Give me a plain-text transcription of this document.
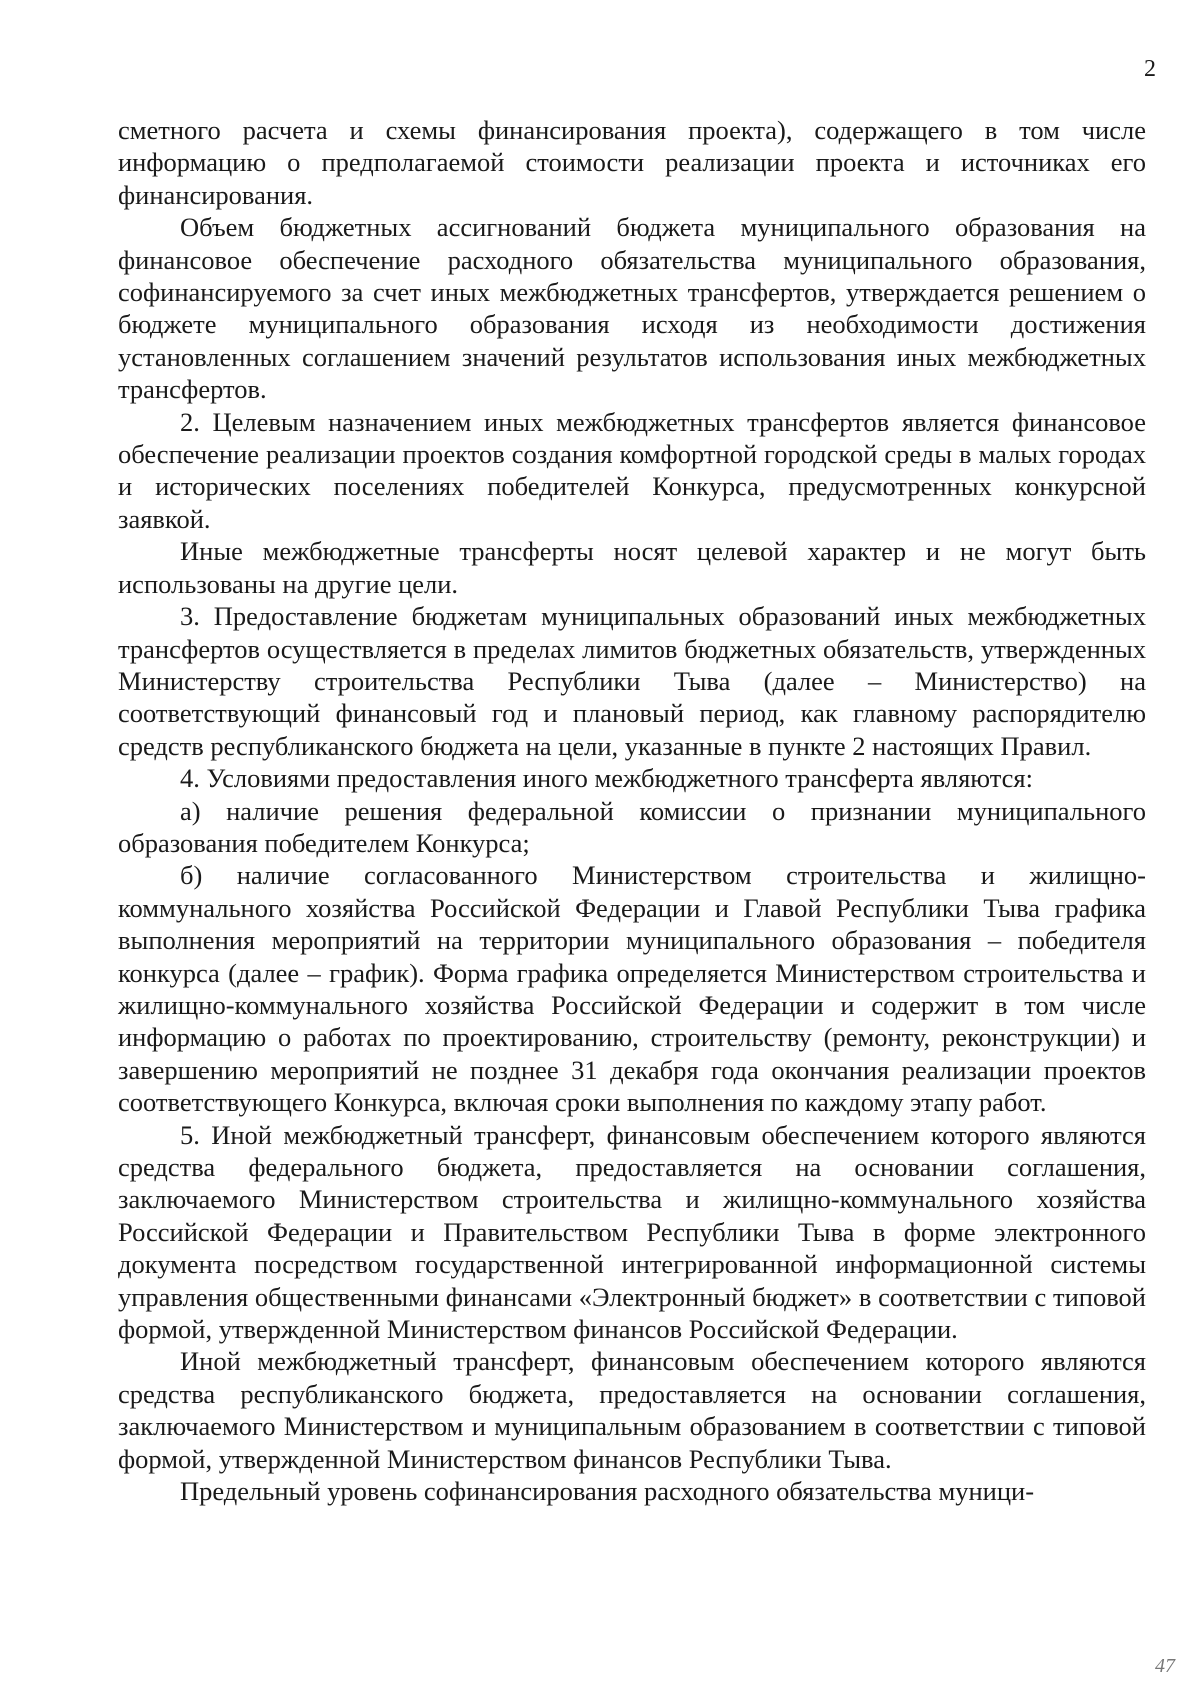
2

сметного расчета и схемы финансирования проекта), содержащего в том числе информацию о предполагаемой стоимости реализации проекта и источниках его финансирования.

Объем бюджетных ассигнований бюджета муниципального образования на финансовое обеспечение расходного обязательства муниципального образования, софинансируемого за счет иных межбюджетных трансфертов, утверждается решением о бюджете муниципального образования исходя из необходимости достижения установленных соглашением значений результатов использования иных межбюджетных трансфертов.

2. Целевым назначением иных межбюджетных трансфертов является финансовое обеспечение реализации проектов создания комфортной городской среды в малых городах и исторических поселениях победителей Конкурса, предусмотренных конкурсной заявкой.

Иные межбюджетные трансферты носят целевой характер и не могут быть использованы на другие цели.

3. Предоставление бюджетам муниципальных образований иных межбюджетных трансфертов осуществляется в пределах лимитов бюджетных обязательств, утвержденных Министерству строительства Республики Тыва (далее – Министерство) на соответствующий финансовый год и плановый период, как главному распорядителю средств республиканского бюджета на цели, указанные в пункте 2 настоящих Правил.

4. Условиями предоставления иного межбюджетного трансферта являются:

а) наличие решения федеральной комиссии о признании муниципального образования победителем Конкурса;

б) наличие согласованного Министерством строительства и жилищно-коммунального хозяйства Российской Федерации и Главой Республики Тыва графика выполнения мероприятий на территории муниципального образования – победителя конкурса (далее – график). Форма графика определяется Министерством строительства и жилищно-коммунального хозяйства Российской Федерации и содержит в том числе информацию о работах по проектированию, строительству (ремонту, реконструкции) и завершению мероприятий не позднее 31 декабря года окончания реализации проектов соответствующего Конкурса, включая сроки выполнения по каждому этапу работ.

5. Иной межбюджетный трансферт, финансовым обеспечением которого являются средства федерального бюджета, предоставляется на основании соглашения, заключаемого Министерством строительства и жилищно-коммунального хозяйства Российской Федерации и Правительством Республики Тыва в форме электронного документа посредством государственной интегрированной информационной системы управления общественными финансами «Электронный бюджет» в соответствии с типовой формой, утвержденной Министерством финансов Российской Федерации.

Иной межбюджетный трансферт, финансовым обеспечением которого являются средства республиканского бюджета, предоставляется на основании соглашения, заключаемого Министерством и муниципальным образованием в соответствии с типовой формой, утвержденной Министерством финансов Республики Тыва.

Предельный уровень софинансирования расходного обязательства муници-

47
